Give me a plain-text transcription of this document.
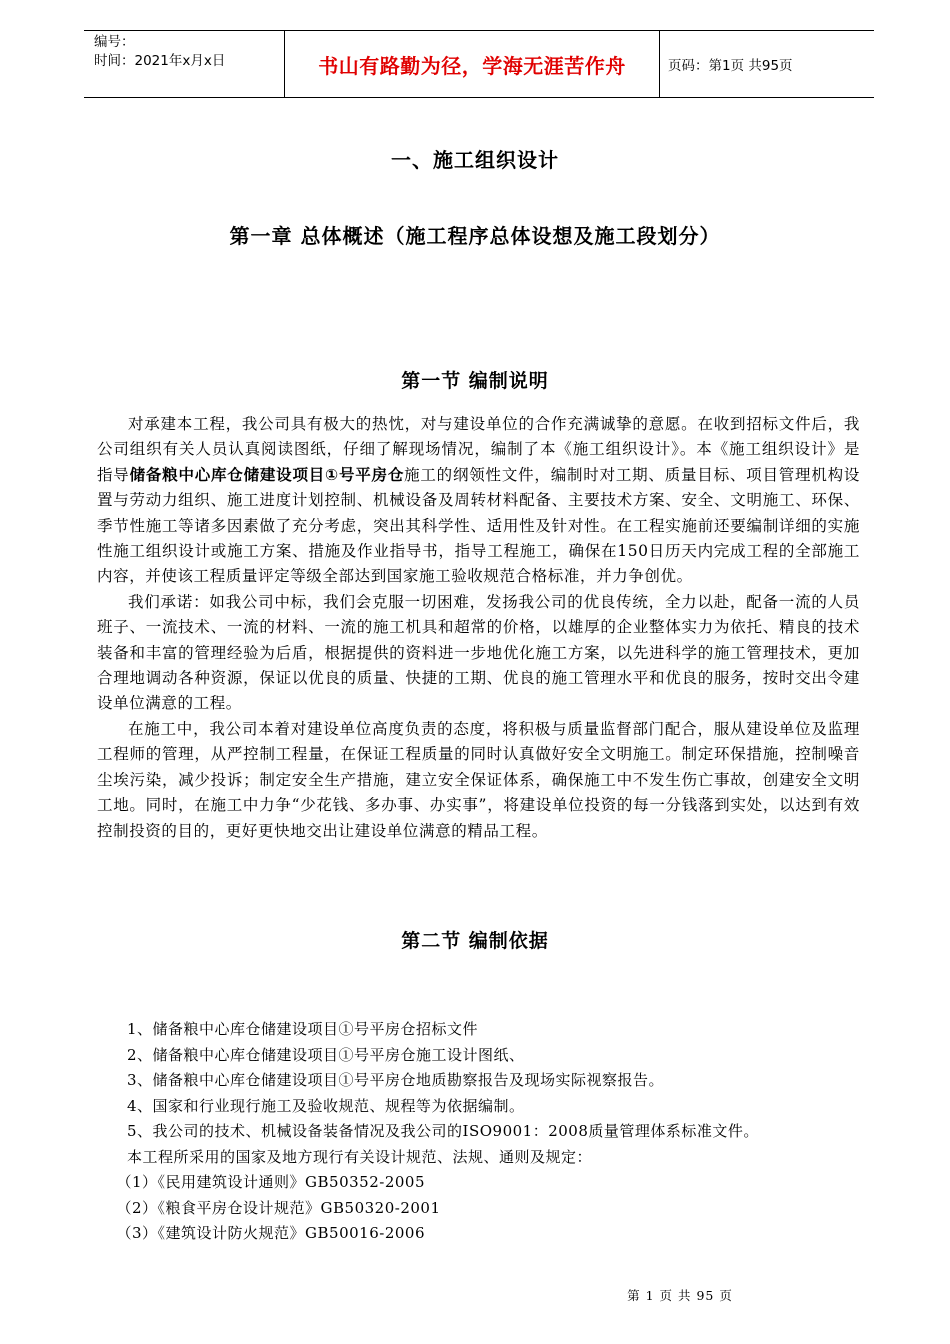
编号：
时间：2021年x月x日	书山有路勤为径，学海无涯苦作舟	页码：第1页 共95页
一、施工组织设计
第一章 总体概述（施工程序总体设想及施工段划分）
第一节 编制说明

对承建本工程，我公司具有极大的热忱，对与建设单位的合作充满诚挚的意愿。在收到招标文件后，我公司组织有关人员认真阅读图纸，仔细了解现场情况，编制了本《施工组织设计》。本《施工组织设计》是指导储备粮中心库仓储建设项目①号平房仓施工的纲领性文件，编制时对工期、质量目标、项目管理机构设置与劳动力组织、施工进度计划控制、机械设备及周转材料配备、主要技术方案、安全、文明施工、环保、季节性施工等诸多因素做了充分考虑，突出其科学性、适用性及针对性。在工程实施前还要编制详细的实施性施工组织设计或施工方案、措施及作业指导书，指导工程施工，确保在150日历天内完成工程的全部施工内容，并使该工程质量评定等级全部达到国家施工验收规范合格标准，并力争创优。

我们承诺：如我公司中标，我们会克服一切困难，发扬我公司的优良传统，全力以赴，配备一流的人员班子、一流技术、一流的材料、一流的施工机具和超常的价格，以雄厚的企业整体实力为依托、精良的技术装备和丰富的管理经验为后盾，根据提供的资料进一步地优化施工方案，以先进科学的施工管理技术，更加合理地调动各种资源，保证以优良的质量、快捷的工期、优良的施工管理水平和优良的服务，按时交出令建设单位满意的工程。

在施工中，我公司本着对建设单位高度负责的态度，将积极与质量监督部门配合，服从建设单位及监理工程师的管理，从严控制工程量，在保证工程质量的同时认真做好安全文明施工。制定环保措施，控制噪音尘埃污染，减少投诉；制定安全生产措施，建立安全保证体系，确保施工中不发生伤亡事故，创建安全文明工地。同时，在施工中力争“少花钱、多办事、办实事”，将建设单位投资的每一分钱落到实处，以达到有效控制投资的目的，更好更快地交出让建设单位满意的精品工程。

第二节 编制依据

1、储备粮中心库仓储建设项目①号平房仓招标文件

2、储备粮中心库仓储建设项目①号平房仓施工设计图纸、

3、储备粮中心库仓储建设项目①号平房仓地质勘察报告及现场实际视察报告。

4、国家和行业现行施工及验收规范、规程等为依据编制。

5、我公司的技术、机械设备装备情况及我公司的ISO9001：2008质量管理体系标准文件。

本工程所采用的国家及地方现行有关设计规范、法规、通则及规定：

（1）《民用建筑设计通则》GB50352-2005

（2）《粮食平房仓设计规范》GB50320-2001

（3）《建筑设计防火规范》GB50016-2006

第 1 页 共 95 页
